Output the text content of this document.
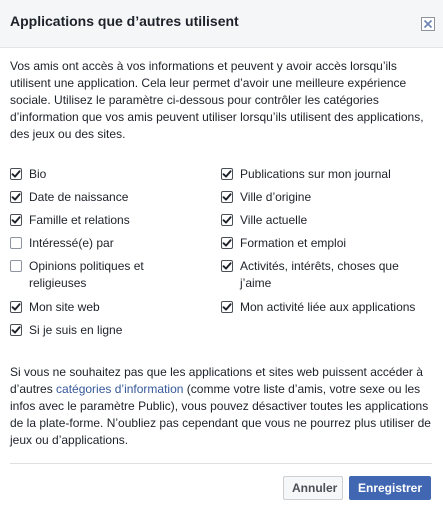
Applications que d’autres utilisent
Vos amis ont accès à vos informations et peuvent y avoir accès lorsqu’ils utilisent une application. Cela leur permet d’avoir une meilleure expérience sociale. Utilisez le paramètre ci-dessous pour contrôler les catégories d’information que vos amis peuvent utiliser lorsqu’ils utilisent des applications, des jeux ou des sites.
Bio
Date de naissance
Famille et relations
Intéressé(e) par
Opinions politiques et religieuses
Mon site web
Si je suis en ligne
Publications sur mon journal
Ville d’origine
Ville actuelle
Formation et emploi
Activités, intérêts, choses que j’aime
Mon activité liée aux applications
Si vous ne souhaitez pas que les applications et sites web puissent accéder à d’autres catégories d’information (comme votre liste d’amis, votre sexe ou les infos avec le paramètre Public), vous pouvez désactiver toutes les applications de la plate-forme. N’oubliez pas cependant que vous ne pourrez plus utiliser de jeux ou d’applications.
Annuler	Enregistrer
